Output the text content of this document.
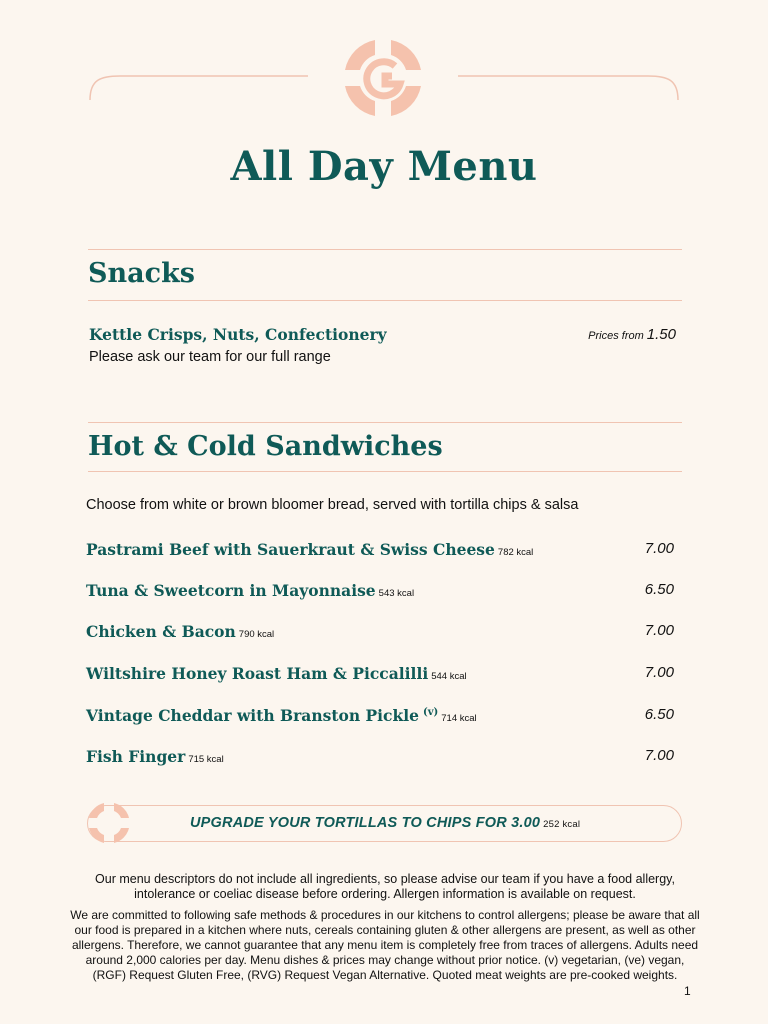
All Day Menu
Snacks
Kettle Crisps, Nuts, Confectionery	Prices from 1.50
Please ask our team for our full range
Hot & Cold Sandwiches
Choose from white or brown bloomer bread, served with tortilla chips & salsa
Pastrami Beef with Sauerkraut & Swiss Cheese 782 kcal	7.00
Tuna & Sweetcorn in Mayonnaise 543 kcal	6.50
Chicken & Bacon 790 kcal	7.00
Wiltshire Honey Roast Ham & Piccalilli 544 kcal	7.00
Vintage Cheddar with Branston Pickle $^{(v)}$714 kcal	6.50
Fish Finger 715 kcal	7.00
UPGRADE YOUR TORTILLAS TO CHIPS FOR 3.00 252 kcal
Our menu descriptors do not include all ingredients, so please advise our team if you have a food allergy, intolerance or coeliac disease before ordering. Allergen information is available on request.
We are committed to following safe methods & procedures in our kitchens to control allergens; please be aware that all our food is prepared in a kitchen where nuts, cereals containing gluten & other allergens are present, as well as other allergens. Therefore, we cannot guarantee that any menu item is completely free from traces of allergens. Adults need around 2,000 calories per day. Menu dishes & prices may change without prior notice. (v) vegetarian, (ve) vegan, (RGF) Request Gluten Free, (RVG) Request Vegan Alternative. Quoted meat weights are pre-cooked weights.
1
